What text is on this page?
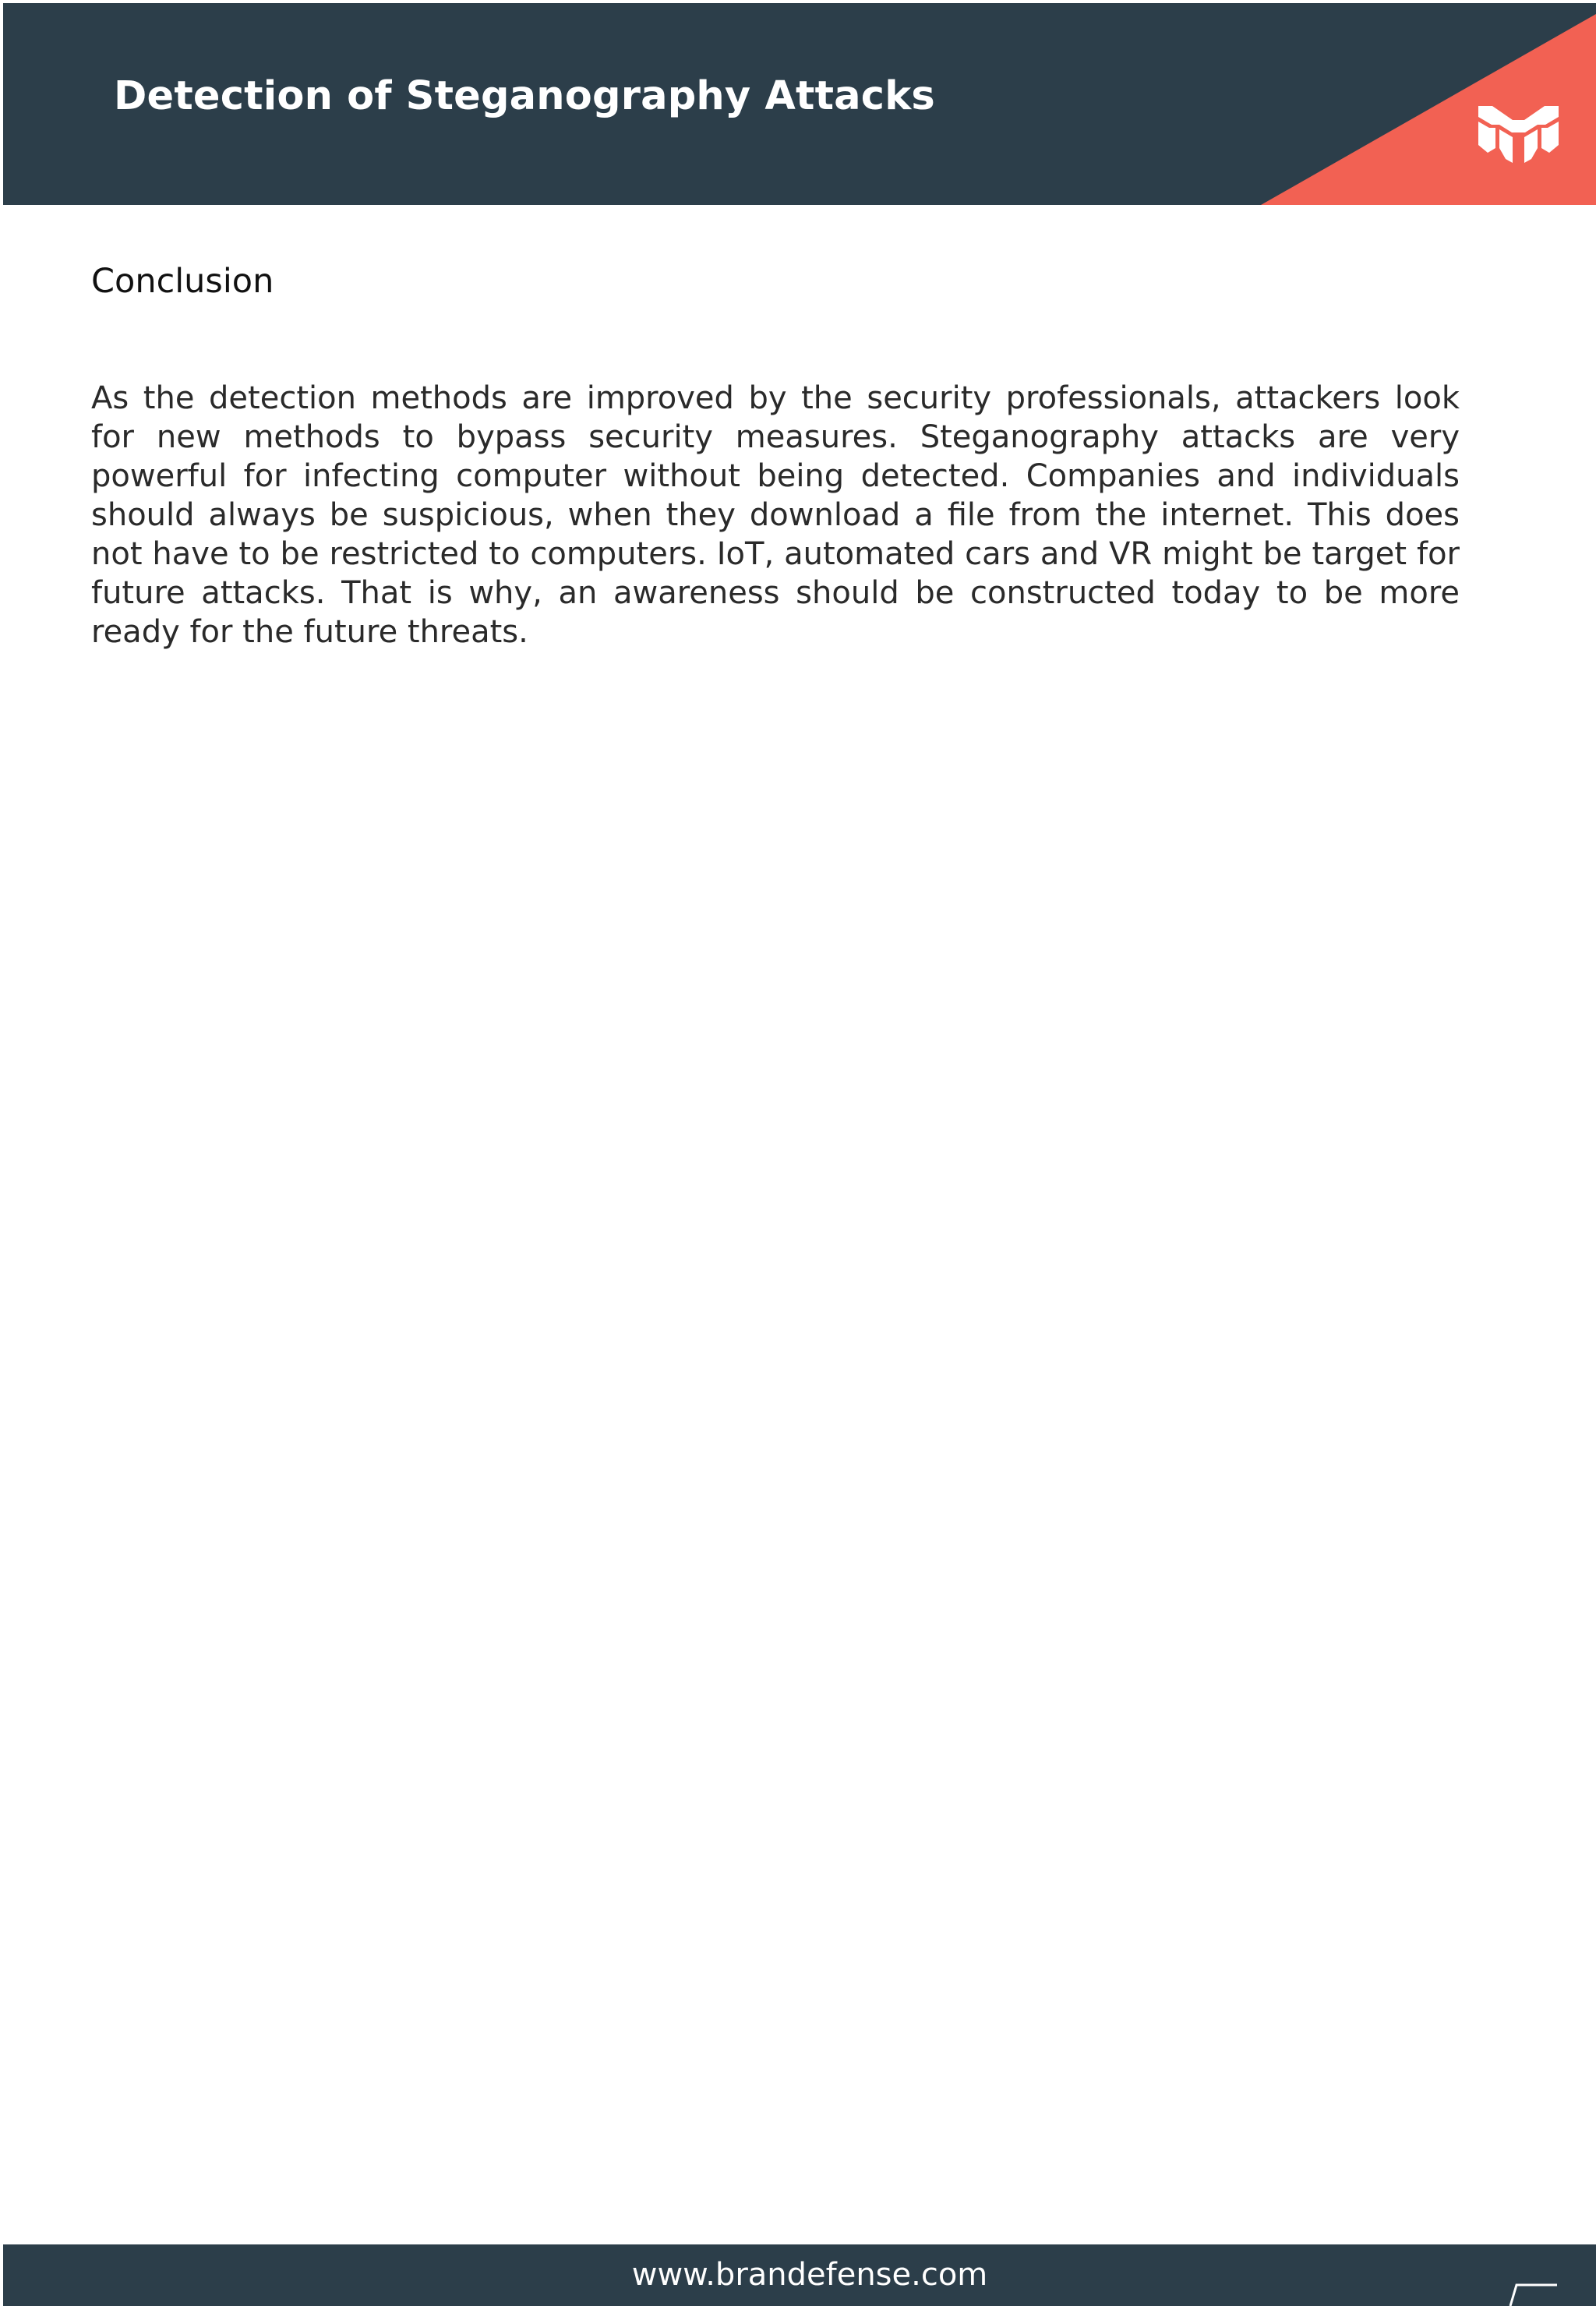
Detection of Steganography Attacks
Conclusion

As the detection methods are improved by the security professionals, attackers look for new methods to bypass security measures. Steganography attacks are very powerful for infecting computer without being detected. Companies and individuals should always be suspicious, when they download a file from the internet. This does not have to be restricted to computers. IoT, automated cars and VR might be target for future attacks. That is why, an awareness should be constructed today to be more ready for the future threats.

www.brandefense.com
